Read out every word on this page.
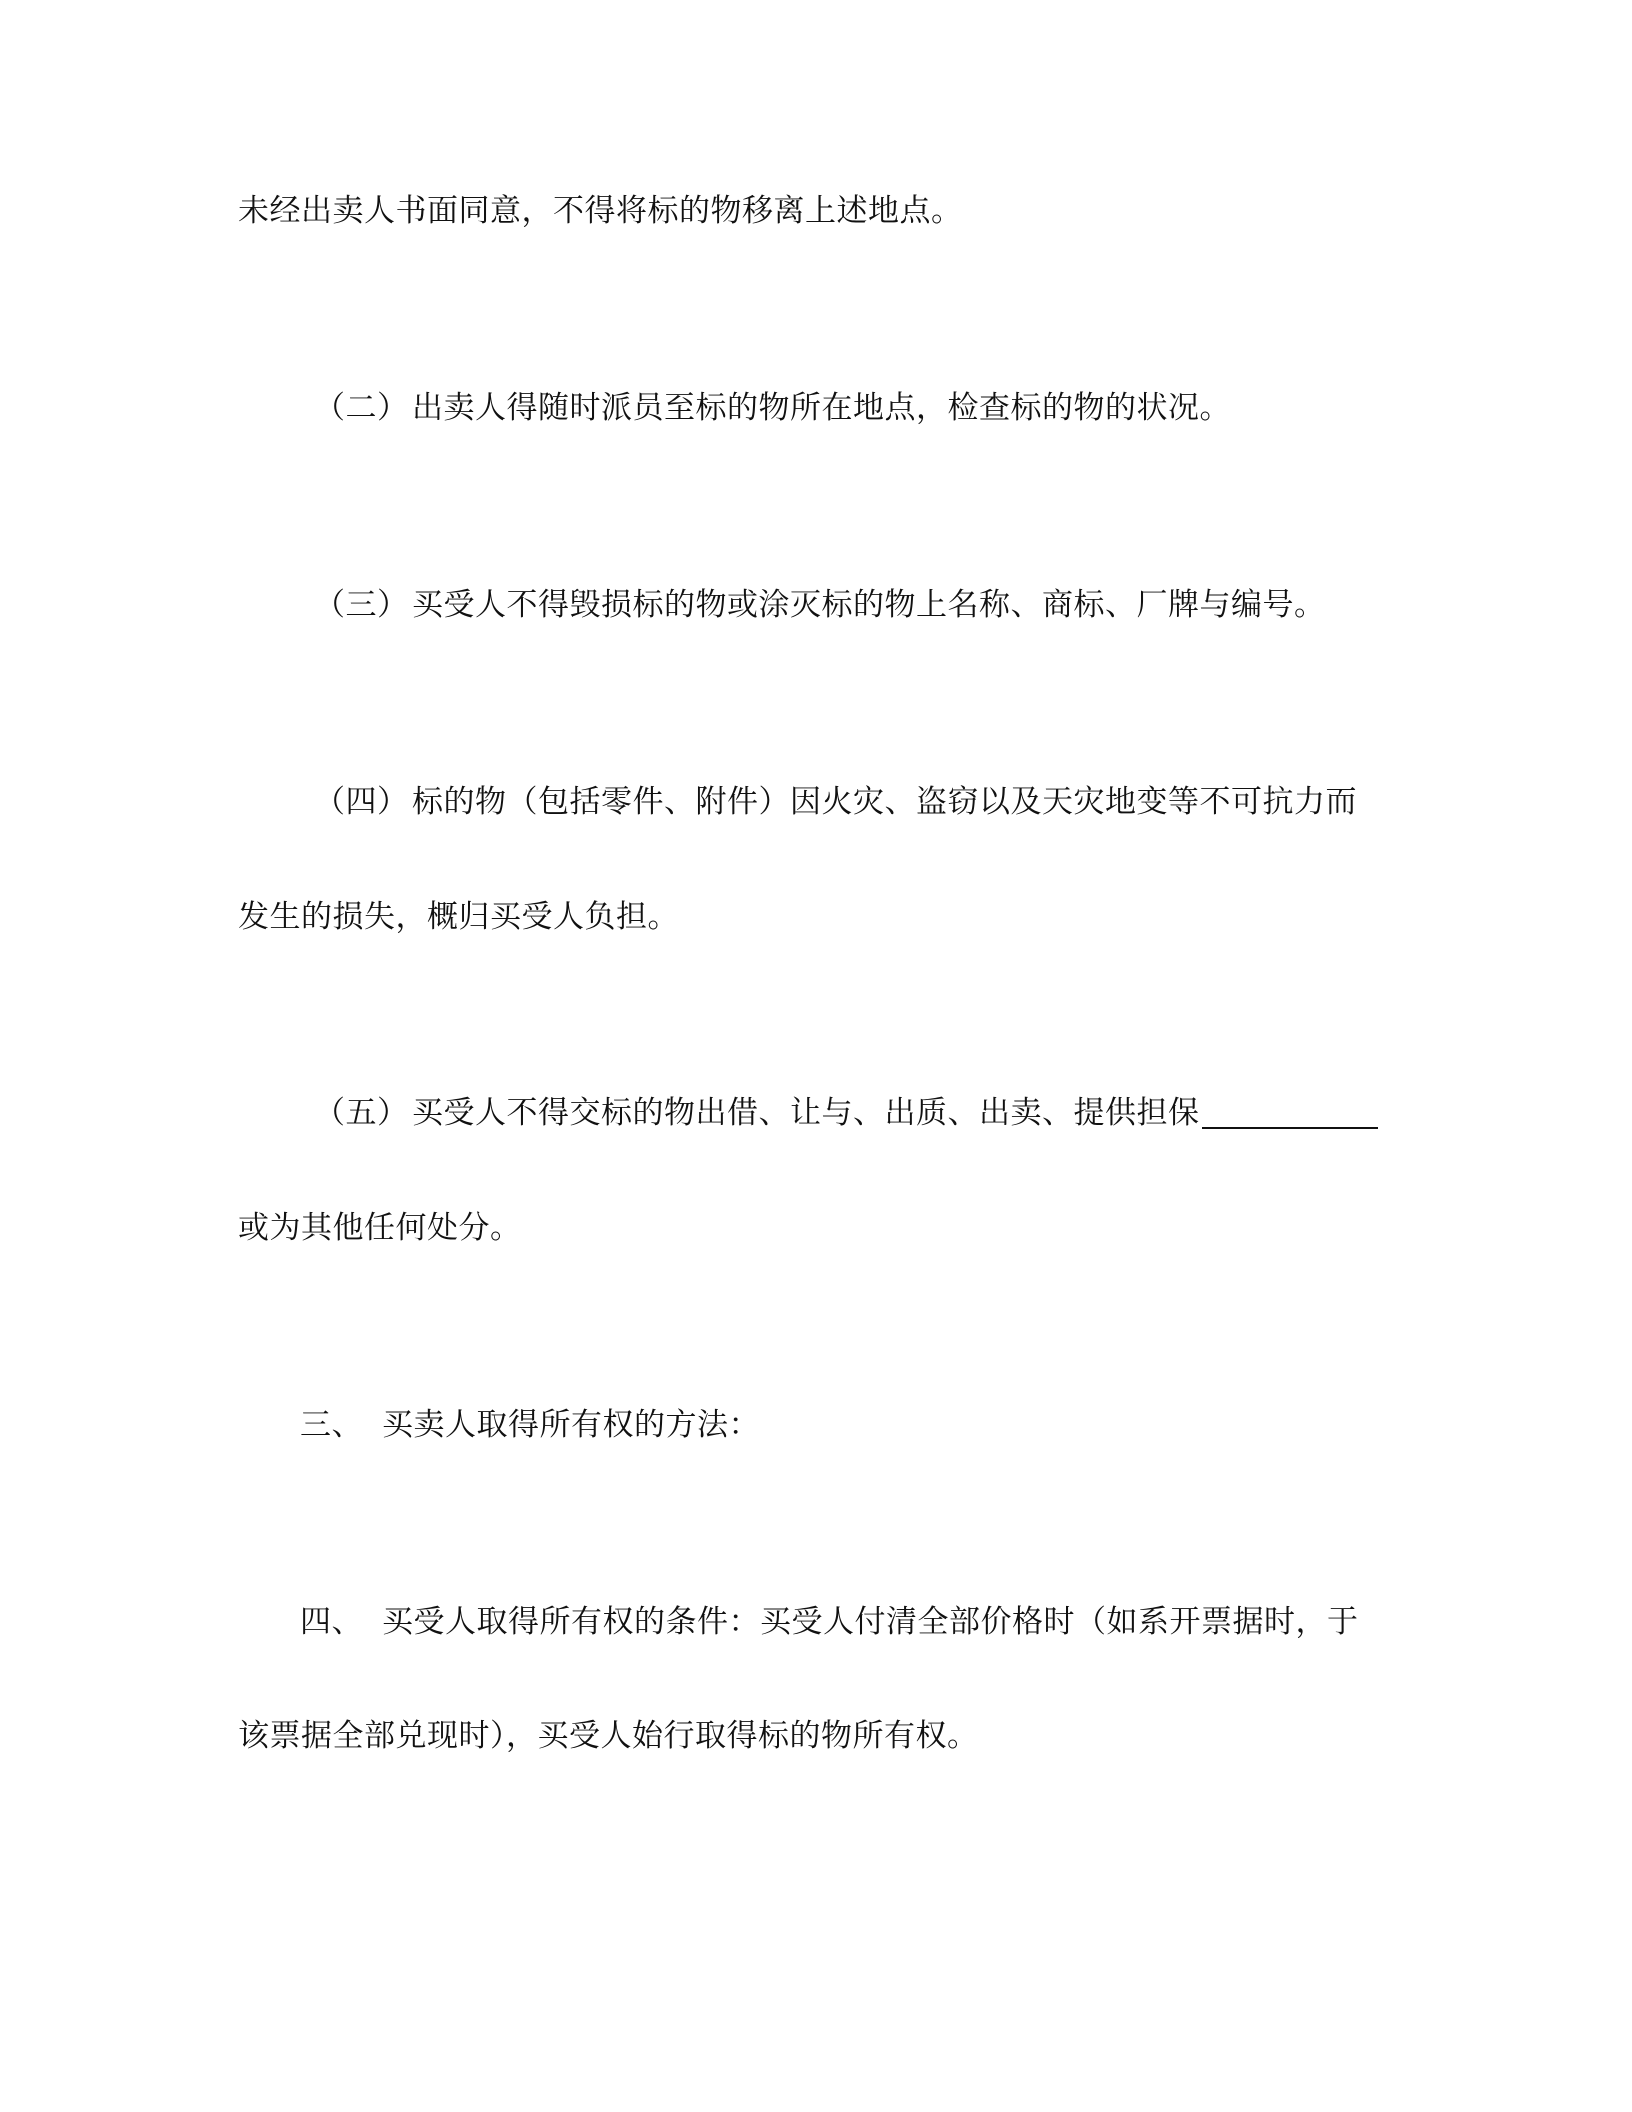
未经出卖人书面同意，不得将标的物移离上述地点。
（二） 出卖人得随时派员至标的物所在地点，检查标的物的状况。
（三） 买受人不得毁损标的物或涂灭标的物上名称、商标、厂牌与编号。
（四） 标的物（包括零件、附件）因火灾、盗窃以及天灾地变等不可抗力而
发生的损失，概归买受人负担。
（五） 买受人不得交标的物出借、让与、出质、出卖、提供担保
或为其他任何处分。
三、 买卖人取得所有权的方法：
四、 买受人取得所有权的条件：买受人付清全部价格时（如系开票据时，于
该票据全部兑现时），买受人始行取得标的物所有权。
